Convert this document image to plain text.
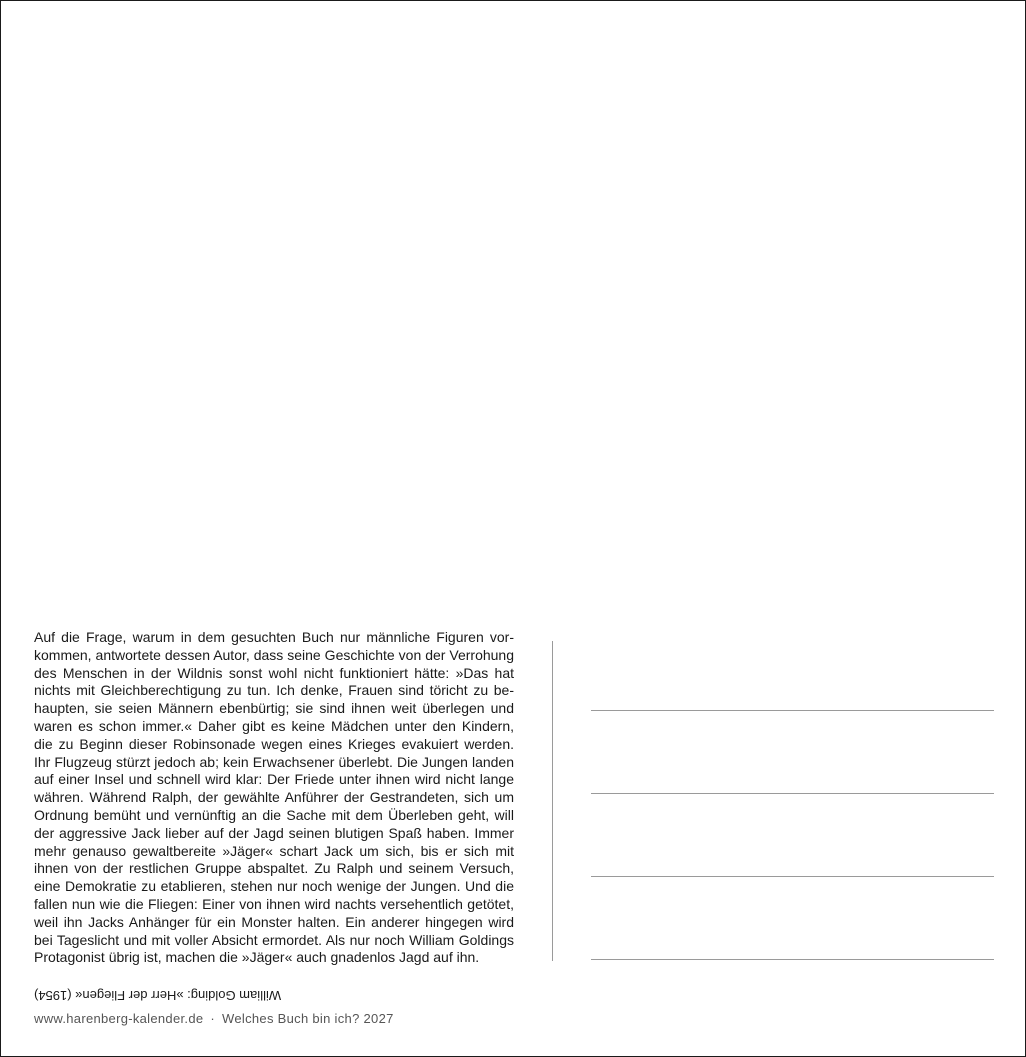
Auf die Frage, warum in dem gesuchten Buch nur männliche Figuren vor-
kommen, antwortete dessen Autor, dass seine Geschichte von der Verrohung
des Menschen in der Wildnis sonst wohl nicht funktioniert hätte: »Das hat
nichts mit Gleichberechtigung zu tun. Ich denke, Frauen sind töricht zu be-
haupten, sie seien Männern ebenbürtig; sie sind ihnen weit überlegen und
waren es schon immer.« Daher gibt es keine Mädchen unter den Kindern,
die zu Beginn dieser Robinsonade wegen eines Krieges evakuiert werden.
Ihr Flugzeug stürzt jedoch ab; kein Erwachsener überlebt. Die Jungen landen
auf einer Insel und schnell wird klar: Der Friede unter ihnen wird nicht lange
währen. Während Ralph, der gewählte Anführer der Gestrandeten, sich um
Ordnung bemüht und vernünftig an die Sache mit dem Überleben geht, will
der aggressive Jack lieber auf der Jagd seinen blutigen Spaß haben. Immer
mehr genauso gewaltbereite »Jäger« schart Jack um sich, bis er sich mit
ihnen von der restlichen Gruppe abspaltet. Zu Ralph und seinem Versuch,
eine Demokratie zu etablieren, stehen nur noch wenige der Jungen. Und die
fallen nun wie die Fliegen: Einer von ihnen wird nachts versehentlich getötet,
weil ihn Jacks Anhänger für ein Monster halten. Ein anderer hingegen wird
bei Tageslicht und mit voller Absicht ermordet. Als nur noch William Goldings
Protagonist übrig ist, machen die »Jäger« auch gnadenlos Jagd auf ihn.
William Golding: »Herr der Fliegen« (1954)
www.harenberg-kalender.de · Welches Buch bin ich? 2027
